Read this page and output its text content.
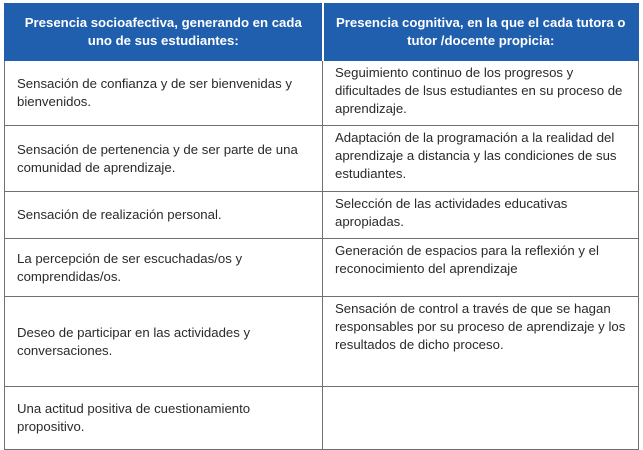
Presencia socioafectiva, generando en cada uno de sus estudiantes:	Presencia cognitiva, en la que el cada tutora o tutor /docente propicia:
Sensación de confianza y de ser bienvenidas y bienvenidos.	Seguimiento continuo de los progresos y dificultades de lsus estudiantes en su proceso de aprendizaje.
Sensación de pertenencia y de ser parte de una comunidad de aprendizaje.	Adaptación de la programación a la realidad del aprendizaje a distancia y las condiciones de sus estudiantes.
Sensación de realización personal.	Selección de las actividades educativas apropiadas.
La percepción de ser escuchadas/os y comprendidas/os.	Generación de espacios para la reflexión y el reconocimiento del aprendizaje
Deseo de participar en las actividades y conversaciones.	Sensación de control a través de que se hagan responsables por su proceso de aprendizaje y los resultados de dicho proceso.
Una actitud positiva de cuestionamiento propositivo.	
